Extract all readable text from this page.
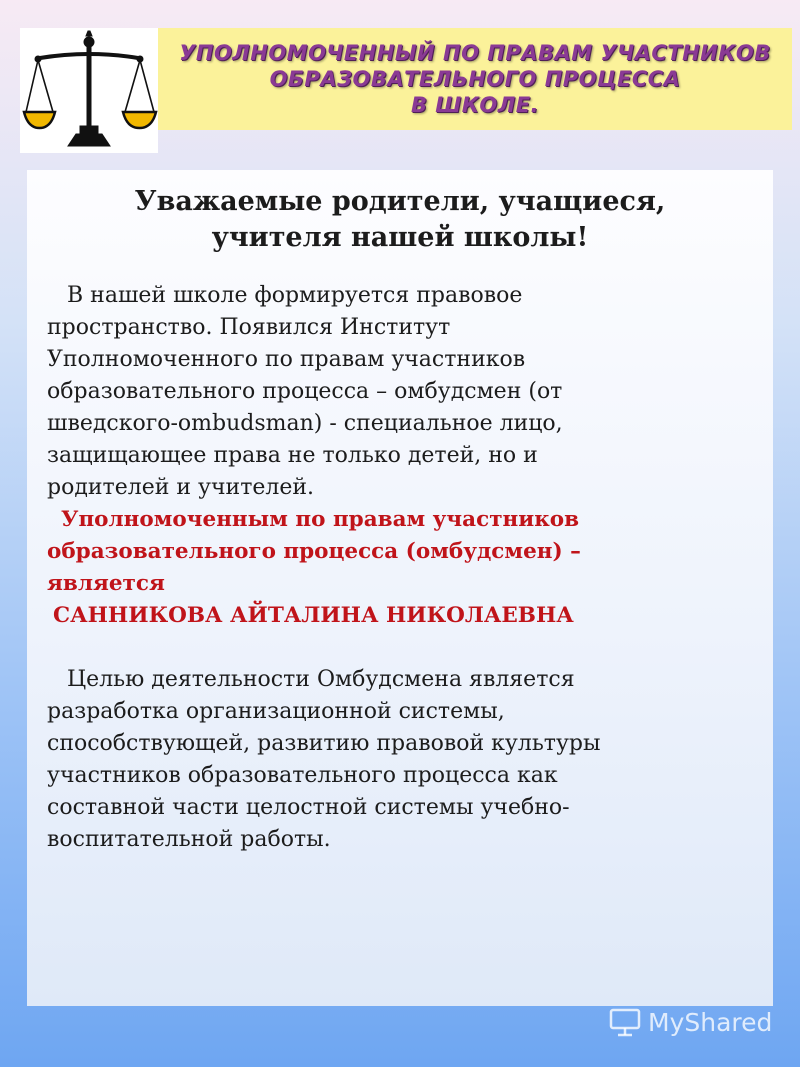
УПОЛНОМОЧЕННЫЙ ПО ПРАВАМ УЧАСТНИКОВ
ОБРАЗОВАТЕЛЬНОГО ПРОЦЕССА
В ШКОЛЕ.
Уважаемые родители, учащиеся,
учителя нашей школы!
В нашей школе формируется правовое
пространство. Появился Институт
Уполномоченного по правам участников
образовательного процесса – омбудсмен (от
шведского-ombudsman) - специальное лицо,
защищающее права не только детей, но и
родителей и учителей.
Уполномоченным по правам участников
образовательного процесса (омбудсмен) –
является
САННИКОВА АЙТАЛИНА НИКОЛАЕВНА
Целью деятельности Омбудсмена является
разработка организационной системы,
способствующей, развитию правовой культуры
участников образовательного процесса как
составной части целостной системы учебно-
воспитательной работы.
MyShared
